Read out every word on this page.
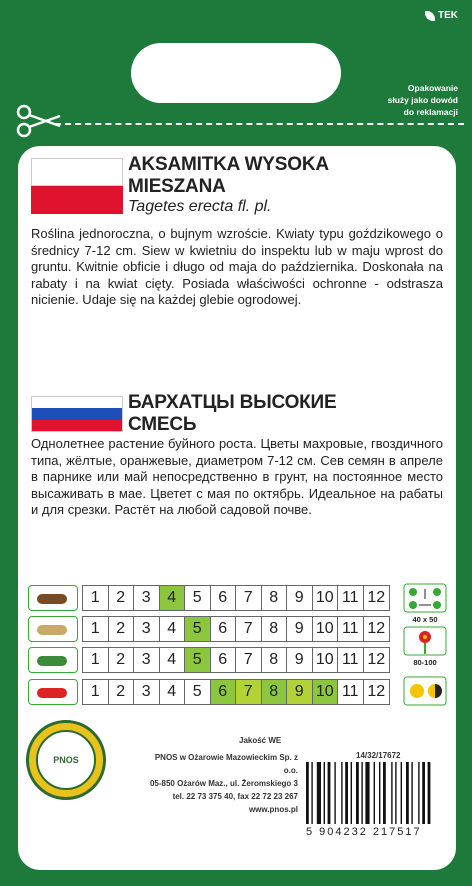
TEK
Opakowanie
służy jako dowód
do reklamacji
AKSAMITKA WYSOKA
MIESZANA
Tagetes erecta fl. pl.
Roślina jednoroczna, o bujnym wzroście. Kwiaty typu goździkowego o średnicy 7-12 cm. Siew w kwietniu do inspektu lub w maju wprost do gruntu. Kwitnie obficie i długo od maja do października. Doskonała na rabaty i na kwiat cięty. Posiada właściwości ochronne - odstrasza nicienie. Udaje się na każdej glebie ogrodowej.
БАРХАТЦЫ ВЫСОКИЕ
СМЕСЬ
Однолетнее растение буйного роста. Цветы махровые, гвоздичного типа, жёлтые, оранжевые, диаметром 7-12 см. Сев семян в апреле в парнике или май непосредственно в грунт, на постоянное место высаживать в мае. Цветет с мая по октябрь. Идеальное на рабаты и для срезки. Растёт на любой садовой почве.
1	2	3	4	5	6	7	8	9 10 11 12
1	2	3	4	5	6	7	8	9 10 11 12
1	2	3	4	5	6	7	8	9 10 11 12
1	2	3	4	5	6	7	8	9 10 11 12
40 x 50
80-100
PNOS
Jakość WE
14/32/17672
PNOS w Ożarowie Mazowieckim Sp. z o.o.
05-850 Ożarów Maz., ul. Żeromskiego 3
tel. 22 73 375 40, fax 22 72 23 267
www.pnos.pl
5 904232 217517
